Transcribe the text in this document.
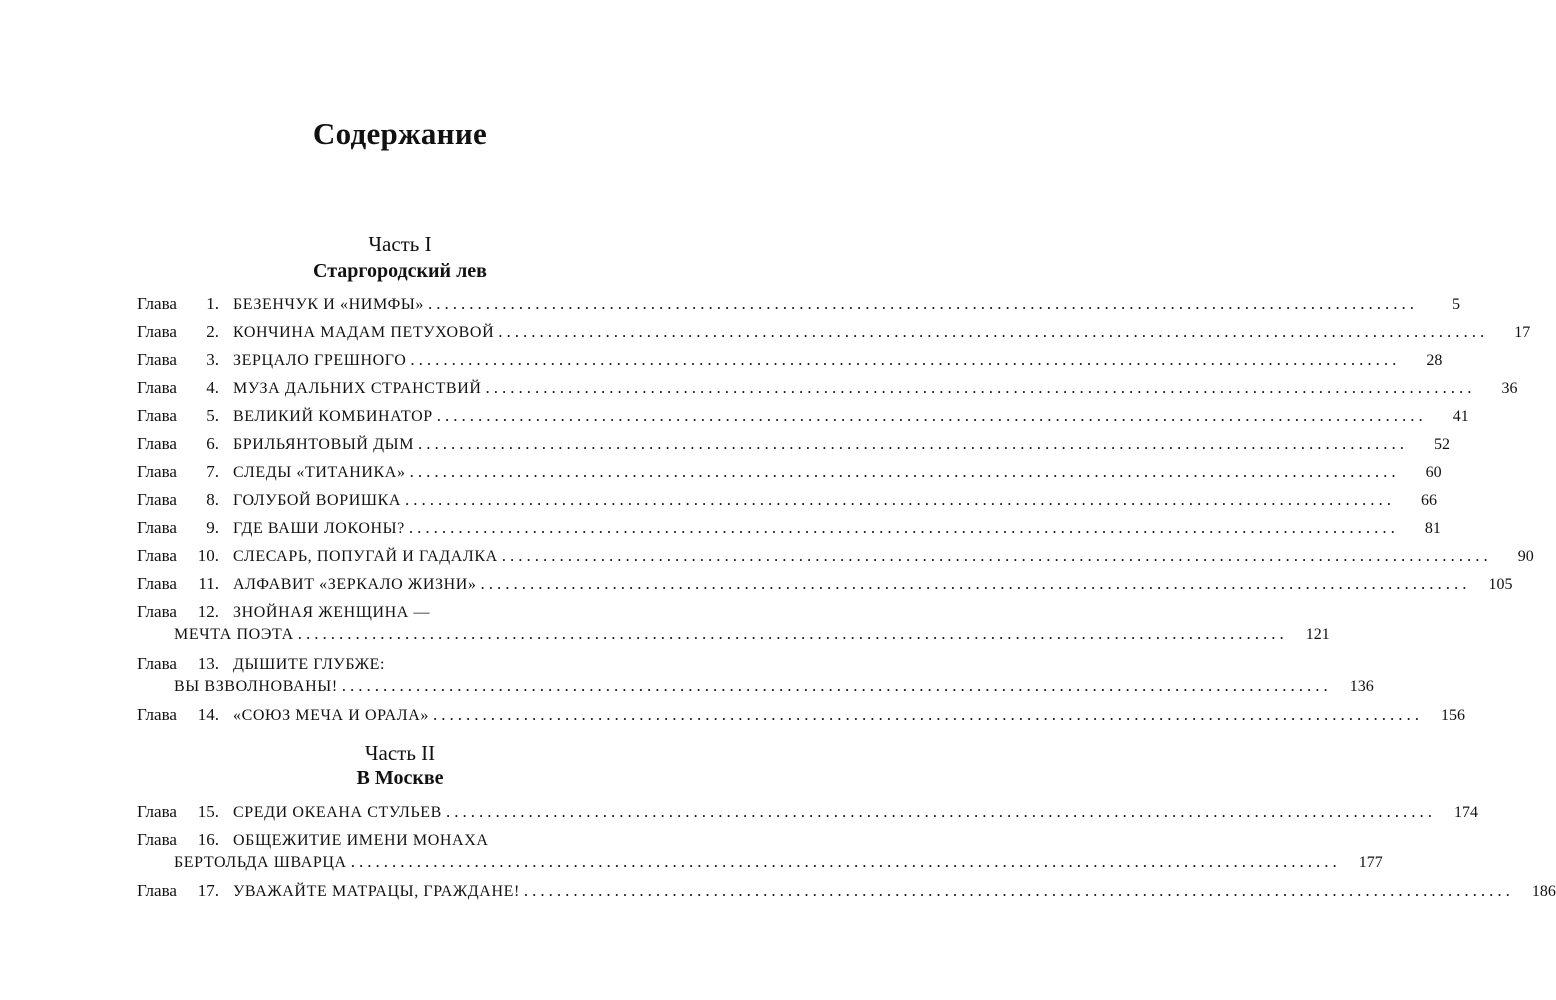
Содержание
Часть I
Старгородский лев
Глава 1. БЕЗЕНЧУК И «НИМФЫ» ........................................................................................................................	5
Глава 2. КОНЧИНА МАДАМ ПЕТУХОВОЙ ........................................................................................................................	17
Глава 3. ЗЕРЦАЛО ГРЕШНОГО ........................................................................................................................	28
Глава 4. МУЗА ДАЛЬНИХ СТРАНСТВИЙ ........................................................................................................................	36
Глава 5. ВЕЛИКИЙ КОМБИНАТОР ........................................................................................................................	41
Глава 6. БРИЛЬЯНТОВЫЙ ДЫМ ........................................................................................................................	52
Глава 7. СЛЕДЫ «ТИТАНИКА» ........................................................................................................................	60
Глава 8. ГОЛУБОЙ ВОРИШКА ........................................................................................................................	66
Глава 9. ГДЕ ВАШИ ЛОКОНЫ? ........................................................................................................................	81
Глава 10. СЛЕСАРЬ, ПОПУГАЙ И ГАДАЛКА ........................................................................................................................	90
Глава 11. АЛФАВИТ «ЗЕРКАЛО ЖИЗНИ» ........................................................................................................................	105
Глава 12. ЗНОЙНАЯ ЖЕНЩИНА —
МЕЧТА ПОЭТА ........................................................................................................................	121
Глава 13. ДЫШИТЕ ГЛУБЖЕ:
ВЫ ВЗВОЛНОВАНЫ! ........................................................................................................................	136
Глава 14. «СОЮЗ МЕЧА И ОРАЛА» ........................................................................................................................	156
Часть II
В Москве
Глава 15. СРЕДИ ОКЕАНА СТУЛЬЕВ ........................................................................................................................	174
Глава 16. ОБЩЕЖИТИЕ ИМЕНИ МОНАХА
БЕРТОЛЬДА ШВАРЦА ........................................................................................................................	177
Глава 17. УВАЖАЙТЕ МАТРАЦЫ, ГРАЖДАНЕ! ........................................................................................................................	186
